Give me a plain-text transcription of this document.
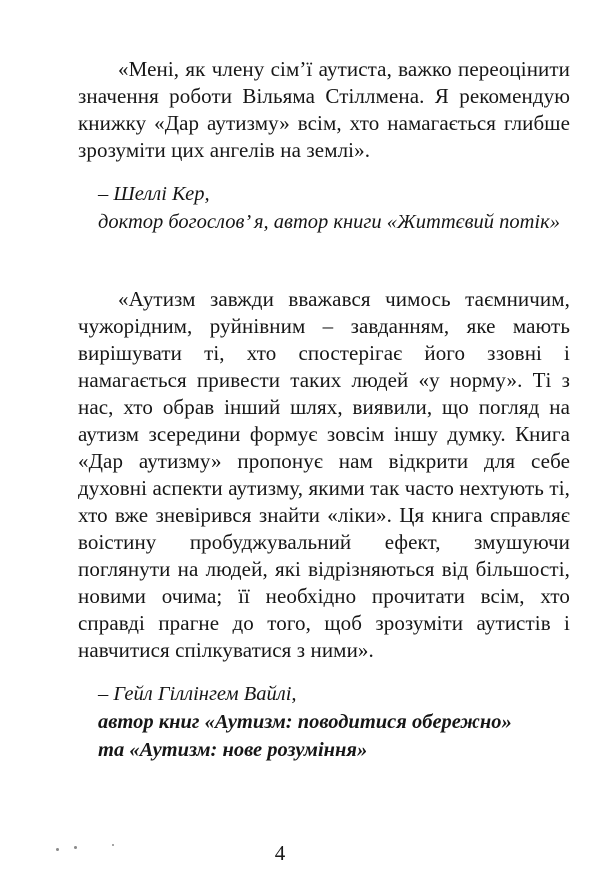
«Мені, як члену сім’ї аутиста, важко переоцінити значення роботи Вільяма Стіллмена. Я рекомендую книжку «Дар аутизму» всім, хто намагається глибше зрозуміти цих ангелів на землі».

– Шеллі Кер,

доктор богослов’ я, автор книги «Життєвий потік»

«Аутизм завжди вважався чимось таємничим, чужорідним, руйнівним – завданням, яке мають вирішувати ті, хто спостерігає його ззовні і намагається привести таких людей «у норму». Ті з нас, хто обрав інший шлях, виявили, що погляд на аутизм зсередини формує зовсім іншу думку. Книга «Дар аутизму» пропонує нам відкрити для себе духовні аспекти аутизму, якими так часто нехтують ті, хто вже зневірився знайти «ліки». Ця книга справляє воістину пробуджувальний ефект, змушуючи поглянути на людей, які відрізняються від більшості, новими очима; її необхідно прочитати всім, хто справді прагне до того, щоб зрозуміти аутистів і навчитися спілкуватися з ними».

– Гейл Гіллінгем Вайлі,

автор книг «Аутизм: поводитися обережно»

та «Аутизм: нове розуміння»

4
